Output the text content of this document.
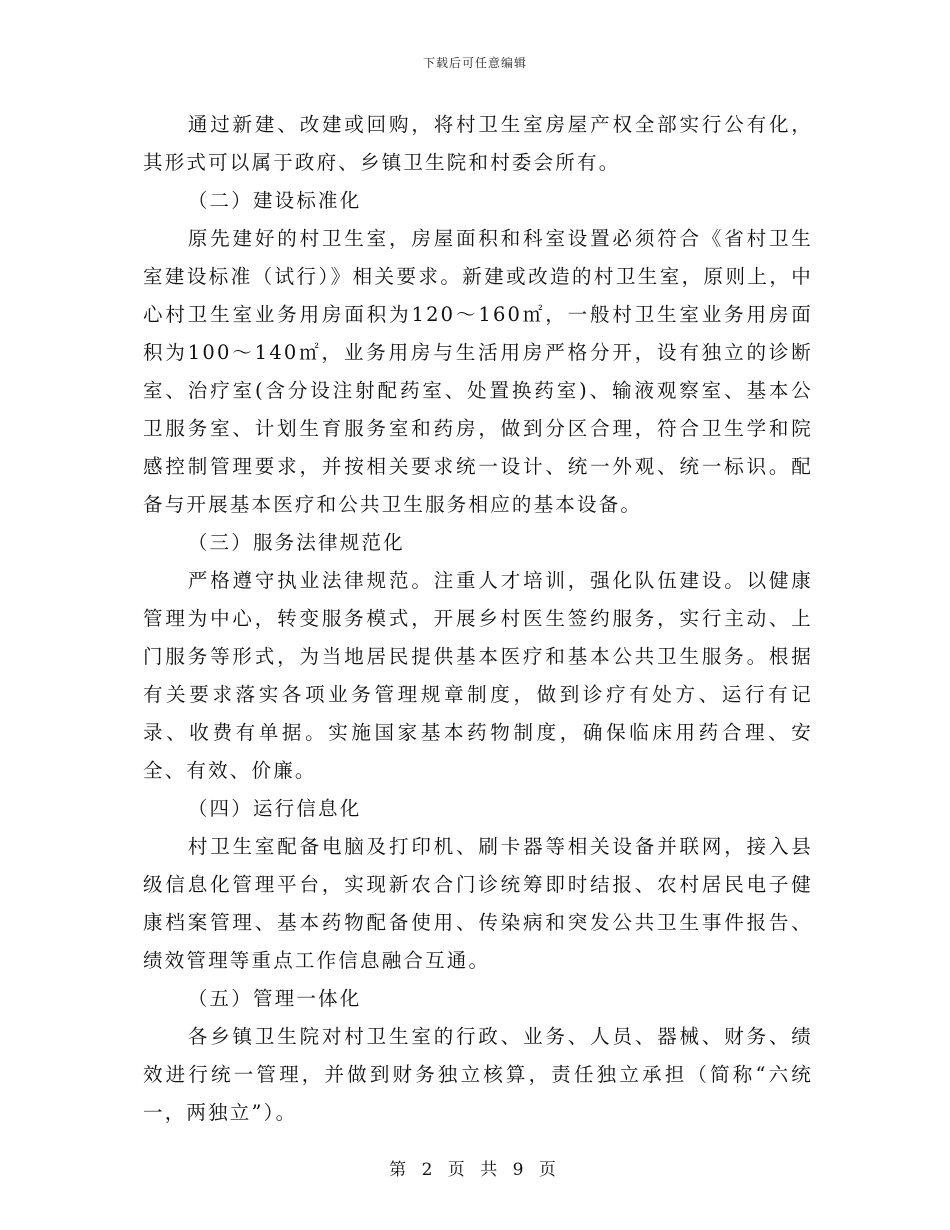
下载后可任意编辑

通过新建、改建或回购，将村卫生室房屋产权全部实行公有化，其形式可以属于政府、乡镇卫生院和村委会所有。

（二）建设标准化

原先建好的村卫生室，房屋面积和科室设置必须符合《省村卫生室建设标准（试行）》相关要求。新建或改造的村卫生室，原则上，中心村卫生室业务用房面积为120～160㎡，一般村卫生室业务用房面积为100～140㎡，业务用房与生活用房严格分开，设有独立的诊断室、治疗室(含分设注射配药室、处置换药室)、输液观察室、基本公卫服务室、计划生育服务室和药房，做到分区合理，符合卫生学和院感控制管理要求，并按相关要求统一设计、统一外观、统一标识。配备与开展基本医疗和公共卫生服务相应的基本设备。

（三）服务法律规范化

严格遵守执业法律规范。注重人才培训，强化队伍建设。以健康管理为中心，转变服务模式，开展乡村医生签约服务，实行主动、上门服务等形式，为当地居民提供基本医疗和基本公共卫生服务。根据有关要求落实各项业务管理规章制度，做到诊疗有处方、运行有记录、收费有单据。实施国家基本药物制度，确保临床用药合理、安全、有效、价廉。

（四）运行信息化

村卫生室配备电脑及打印机、刷卡器等相关设备并联网，接入县级信息化管理平台，实现新农合门诊统筹即时结报、农村居民电子健康档案管理、基本药物配备使用、传染病和突发公共卫生事件报告、绩效管理等重点工作信息融合互通。

（五）管理一体化

各乡镇卫生院对村卫生室的行政、业务、人员、器械、财务、绩效进行统一管理，并做到财务独立核算，责任独立承担（简称“六统一，两独立”）。

第 2 页 共 9 页
